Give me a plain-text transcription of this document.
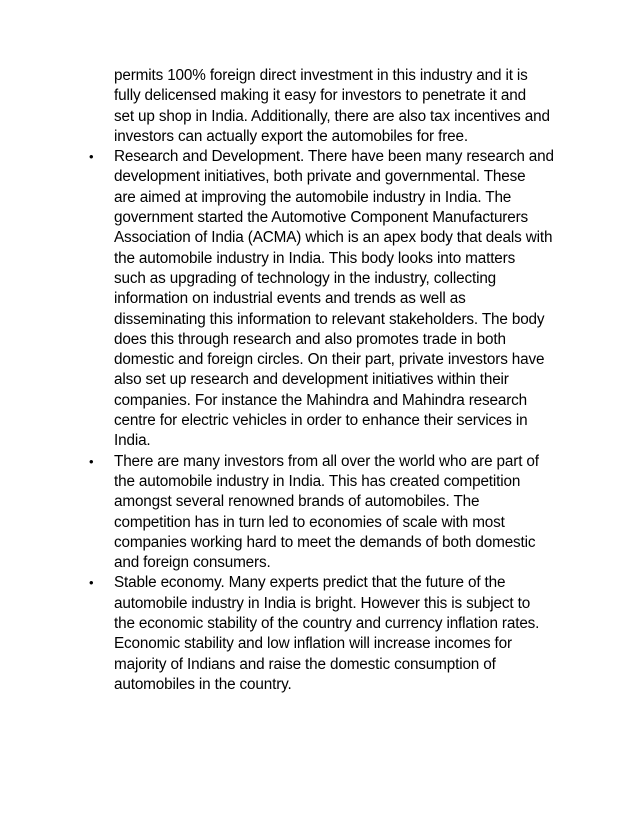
permits 100% foreign direct investment in this industry and it is
fully delicensed making it easy for investors to penetrate it and
set up shop in India. Additionally, there are also tax incentives and
investors can actually export the automobiles for free.

• Research and Development. There have been many research and
development initiatives, both private and governmental. These
are aimed at improving the automobile industry in India. The
government started the Automotive Component Manufacturers
Association of India (ACMA) which is an apex body that deals with
the automobile industry in India. This body looks into matters
such as upgrading of technology in the industry, collecting
information on industrial events and trends as well as
disseminating this information to relevant stakeholders. The body
does this through research and also promotes trade in both
domestic and foreign circles. On their part, private investors have
also set up research and development initiatives within their
companies. For instance the Mahindra and Mahindra research
centre for electric vehicles in order to enhance their services in
India.
• There are many investors from all over the world who are part of
the automobile industry in India. This has created competition
amongst several renowned brands of automobiles. The
competition has in turn led to economies of scale with most
companies working hard to meet the demands of both domestic
and foreign consumers.
• Stable economy. Many experts predict that the future of the
automobile industry in India is bright. However this is subject to
the economic stability of the country and currency inflation rates.
Economic stability and low inflation will increase incomes for
majority of Indians and raise the domestic consumption of
automobiles in the country.
